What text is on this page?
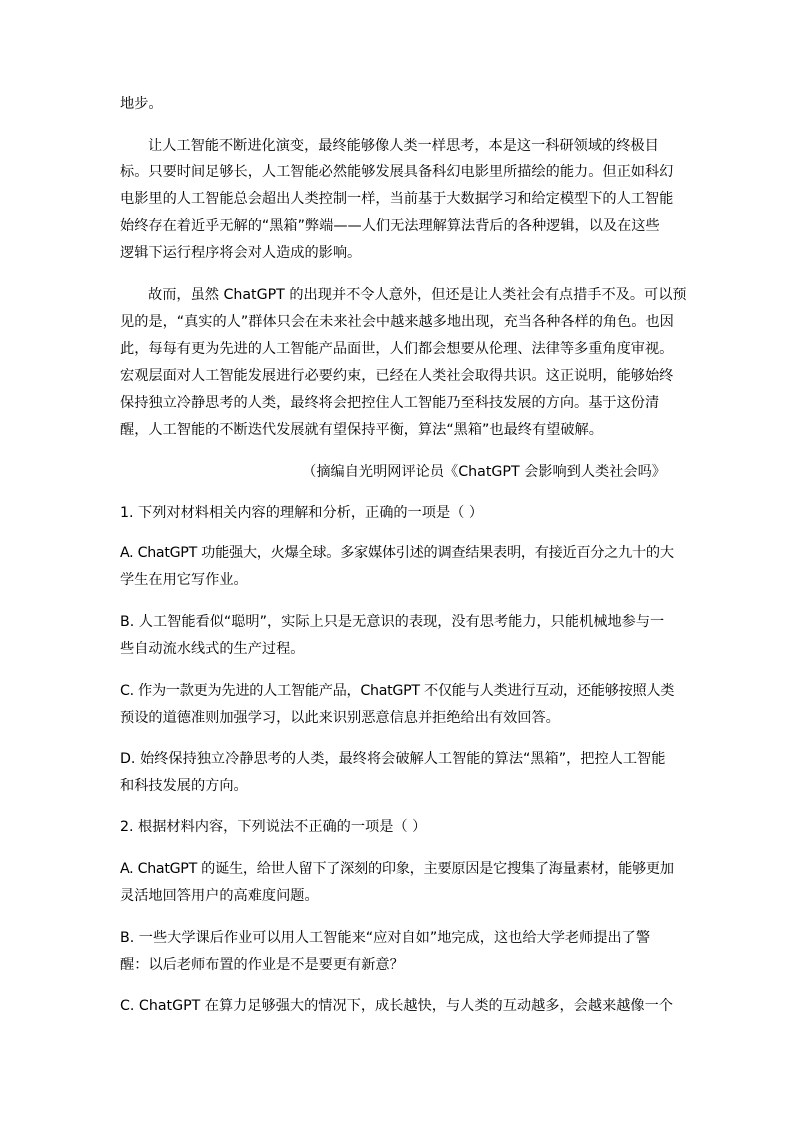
地步。
让人工智能不断进化演变，最终能够像人类一样思考，本是这一科研领域的终极目
标。只要时间足够长，人工智能必然能够发展具备科幻电影里所描绘的能力。但正如科幻
电影里的人工智能总会超出人类控制一样，当前基于大数据学习和给定模型下的人工智能
始终存在着近乎无解的“黑箱”弊端——人们无法理解算法背后的各种逻辑，以及在这些
逻辑下运行程序将会对人造成的影响。
故而，虽然 ChatGPT 的出现并不令人意外，但还是让人类社会有点措手不及。可以预
见的是，“真实的人”群体只会在未来社会中越来越多地出现，充当各种各样的角色。也因
此，每每有更为先进的人工智能产品面世，人们都会想要从伦理、法律等多重角度审视。
宏观层面对人工智能发展进行必要约束，已经在人类社会取得共识。这正说明，能够始终
保持独立冷静思考的人类，最终将会把控住人工智能乃至科技发展的方向。基于这份清
醒，人工智能的不断迭代发展就有望保持平衡，算法“黑箱”也最终有望破解。
（摘编自光明网评论员《ChatGPT 会影响到人类社会吗》
1. 下列对材料相关内容的理解和分析，正确的一项是（ ）
A. ChatGPT 功能强大，火爆全球。多家媒体引述的调查结果表明，有接近百分之九十的大
学生在用它写作业。
B. 人工智能看似“聪明”，实际上只是无意识的表现，没有思考能力，只能机械地参与一
些自动流水线式的生产过程。
C. 作为一款更为先进的人工智能产品，ChatGPT 不仅能与人类进行互动，还能够按照人类
预设的道德准则加强学习，以此来识别恶意信息并拒绝给出有效回答。
D. 始终保持独立冷静思考的人类，最终将会破解人工智能的算法“黑箱”，把控人工智能
和科技发展的方向。
2. 根据材料内容，下列说法不正确的一项是（ ）
A. ChatGPT 的诞生，给世人留下了深刻的印象，主要原因是它搜集了海量素材，能够更加
灵活地回答用户的高难度问题。
B. 一些大学课后作业可以用人工智能来“应对自如”地完成，这也给大学老师提出了警
醒：以后老师布置的作业是不是要更有新意？
C. ChatGPT 在算力足够强大的情况下，成长越快，与人类的互动越多，会越来越像一个
